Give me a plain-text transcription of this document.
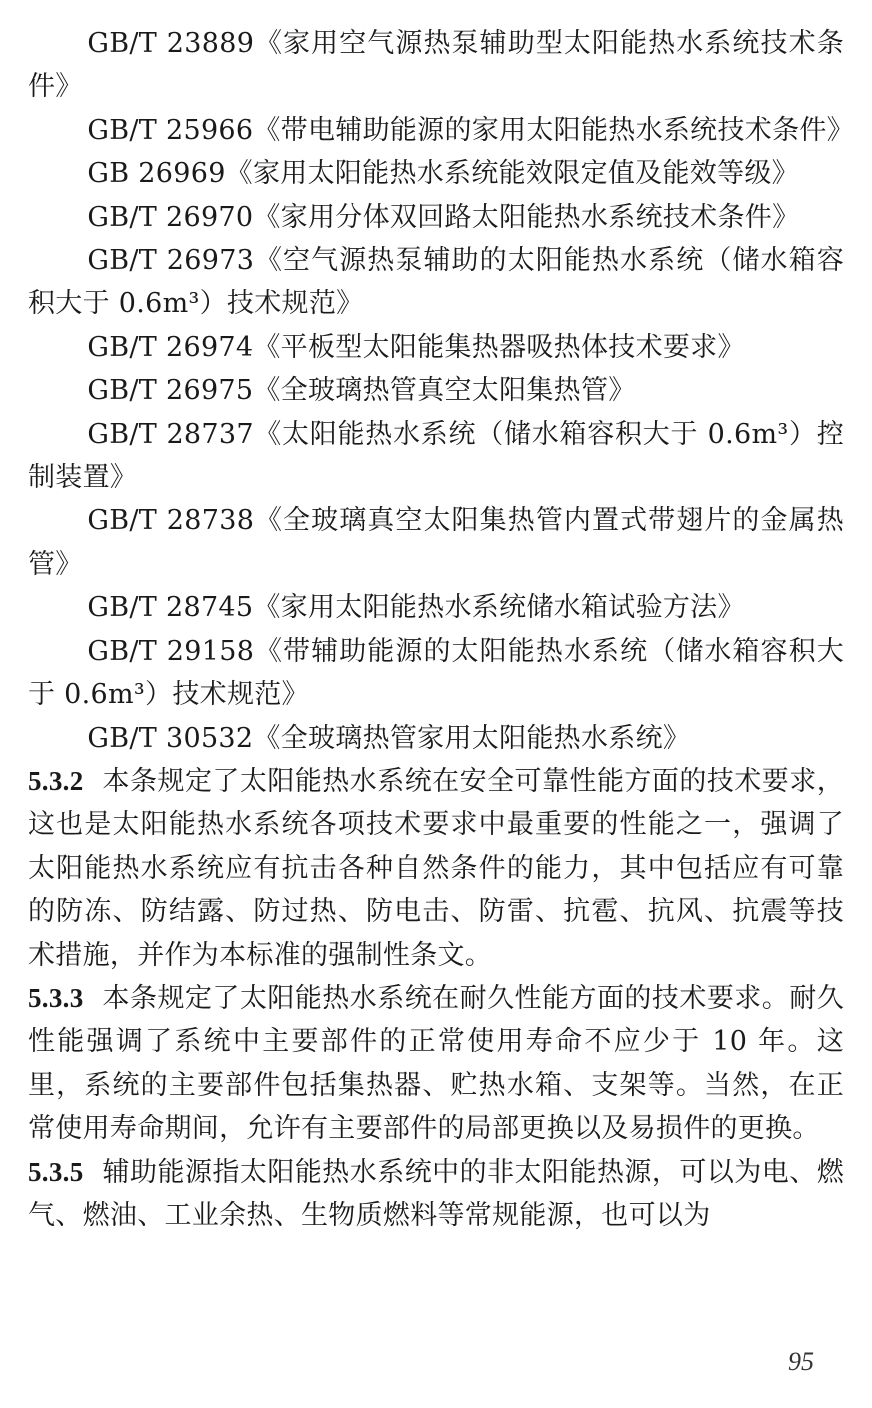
GB/T 23889《家用空气源热泵辅助型太阳能热水系统技术条件》

GB/T 25966《带电辅助能源的家用太阳能热水系统技术条件》

GB 26969《家用太阳能热水系统能效限定值及能效等级》

GB/T 26970《家用分体双回路太阳能热水系统技术条件》

GB/T 26973《空气源热泵辅助的太阳能热水系统（储水箱容积大于 0.6m³）技术规范》

GB/T 26974《平板型太阳能集热器吸热体技术要求》

GB/T 26975《全玻璃热管真空太阳集热管》

GB/T 28737《太阳能热水系统（储水箱容积大于 0.6m³）控制装置》

GB/T 28738《全玻璃真空太阳集热管内置式带翅片的金属热管》

GB/T 28745《家用太阳能热水系统储水箱试验方法》

GB/T 29158《带辅助能源的太阳能热水系统（储水箱容积大于 0.6m³）技术规范》

GB/T 30532《全玻璃热管家用太阳能热水系统》

5.3.2 本条规定了太阳能热水系统在安全可靠性能方面的技术要求，这也是太阳能热水系统各项技术要求中最重要的性能之一，强调了太阳能热水系统应有抗击各种自然条件的能力，其中包括应有可靠的防冻、防结露、防过热、防电击、防雷、抗雹、抗风、抗震等技术措施，并作为本标准的强制性条文。

5.3.3 本条规定了太阳能热水系统在耐久性能方面的技术要求。耐久性能强调了系统中主要部件的正常使用寿命不应少于 10 年。这里，系统的主要部件包括集热器、贮热水箱、支架等。当然，在正常使用寿命期间，允许有主要部件的局部更换以及易损件的更换。

5.3.5 辅助能源指太阳能热水系统中的非太阳能热源，可以为电、燃气、燃油、工业余热、生物质燃料等常规能源，也可以为

95
